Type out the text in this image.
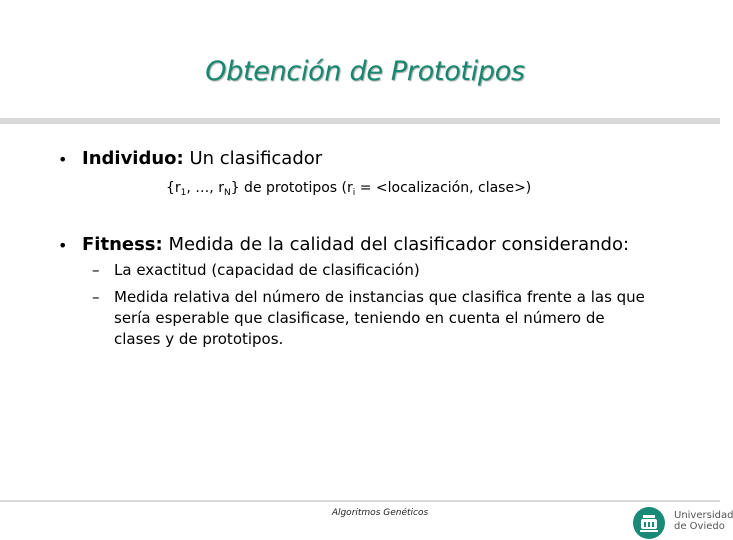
Obtención de Prototipos
• Individuo: Un clasificador
{$r_1$, …, $r_N$} de prototipos ($r_i$ = <localización, clase>)
• Fitness: Medida de la calidad del clasificador considerando:
– La exactitud (capacidad de clasificación)
– Medida relativa del número de instancias que clasifica frente a las que sería esperable que clasificase, teniendo en cuenta el número de clases y de prototipos.
Algoritmos Genéticos	Universidad
de Oviedo
